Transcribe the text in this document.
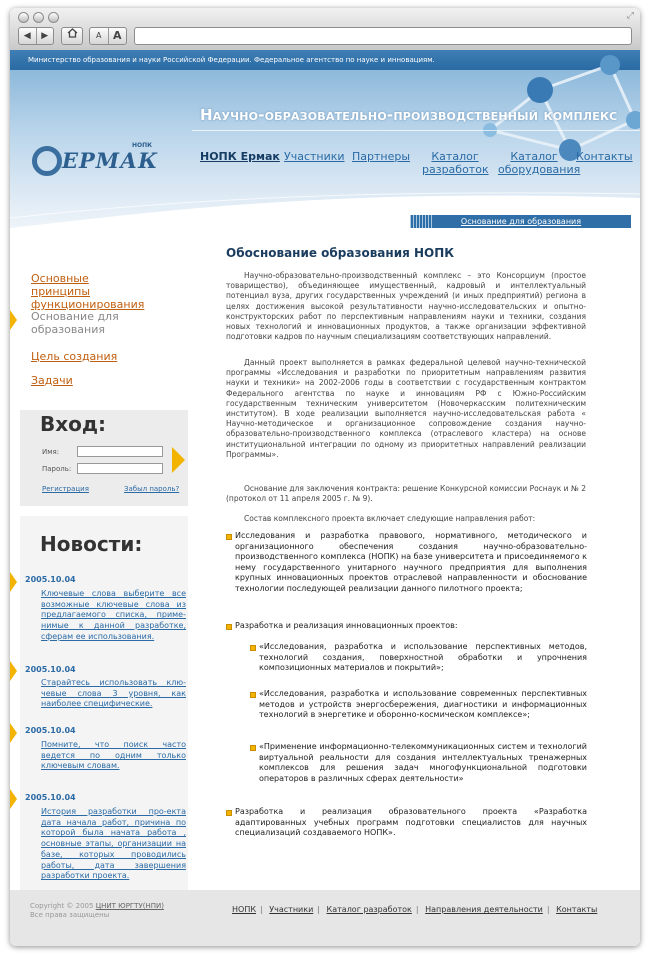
⤢
◀	▶	A	A
Министерство образования и науки Российской Федерации. Федеральное агентство по науке и инновациям.
Научно-образовательно-производственный комплекс
ЕРМАК
НОПК
НОПК Ермак Участники Партнеры	Каталог разработок
Каталог оборудования
Контакты
Основные принципы функционирования
Основание для образования
Цель создания
Задачи
Вход:
Имя:
Пароль:
Регистрация	Забыл пароль?
Новости:
2005.10.04
Ключевые слова выберите все возможные ключевые слова из предлагаемого списка, приме-нимые к данной разработке, сферам ее использования.
2005.10.04
Старайтесь использовать клю-чевые слова 3 уровня, как наиболее специфические.
2005.10.04
Помните, что поиск часто ведется по одним только ключевым словам.
2005.10.04
История разработки про-екта дата начала работ, причина по которой была начата работа , основные этапы, организации на базе, которых проводились работы, дата завершения разработки проекта.
Основание для образования
Обоснование образования НОПК
Научно-образовательно-производственный комплекс – это Консорциум (простое товарищество), объединяющее имущественный, кадровый и интеллектуальный потенциал вуза, других государственных учреждений (и иных предприятий) региона в целях достижения высокой результативности научно-исследовательских и опытно-конструкторских работ по перспективным направлениям науки и техники, создания новых технологий и инновационных продуктов, а также организации эффективной подготовки кадров по научным специализациям соответствующих направлений.
Данный проект выполняется в рамках федеральной целевой научно-технической программы «Исследования и разработки по приоритетным направлениям развития науки и техники» на 2002-2006 годы в соответствии с государственным контрактом Федерального агентства по науке и инновациям РФ с Южно-Российским государственным техническим университетом (Новочеркасским политехническим институтом). В ходе реализации выполняется научно-исследовательская работа « Научно-методическое и организационное сопровождение создания научно-образовательно-производственного комплекса (отраслевого кластера) на основе институциональной интеграции по одному из приоритетных направлений реализации Программы».
Основание для заключения контракта: решение Конкурсной комиссии Роснаук и № 2 (протокол от 11 апреля 2005 г. № 9).
Состав комплексного проекта включает следующие направления работ:
Исследования и разработка правового, нормативного, методического и организационного обеспечения создания научно-образовательно-производственного комплекса (НОПК) на базе университета и присоединяемого к нему государственного унитарного научного предприятия для выполнения крупных инновационных проектов отраслевой направленности и обоснование технологии последующей реализации данного пилотного проекта;
Разработка и реализация инновационных проектов:
«Исследования, разработка и использование перспективных методов, технологий создания, поверхностной обработки и упрочнения композиционных материалов и покрытий»;
«Исследования, разработка и использование современных перспективных методов и устройств энергосбережения, диагностики и информационных технологий в энергетике и оборонно-космическом комплексе»;
«Применение информационно-телекоммуникационных систем и технологий виртуальной реальности для создания интеллектуальных тренажерных комплексов для решения задач многофункциональной подготовки операторов в различных сферах деятельности»
Разработка и реализация образовательного проекта «Разработка адаптированных учебных программ подготовки специалистов для научных специализаций создаваемого НОПК».
Copyright © 2005 ЦНИТ ЮРГТУ(НПИ)
Все права защищены
НОПК | Участники | Каталог разработок | Направления деятельности | Контакты
